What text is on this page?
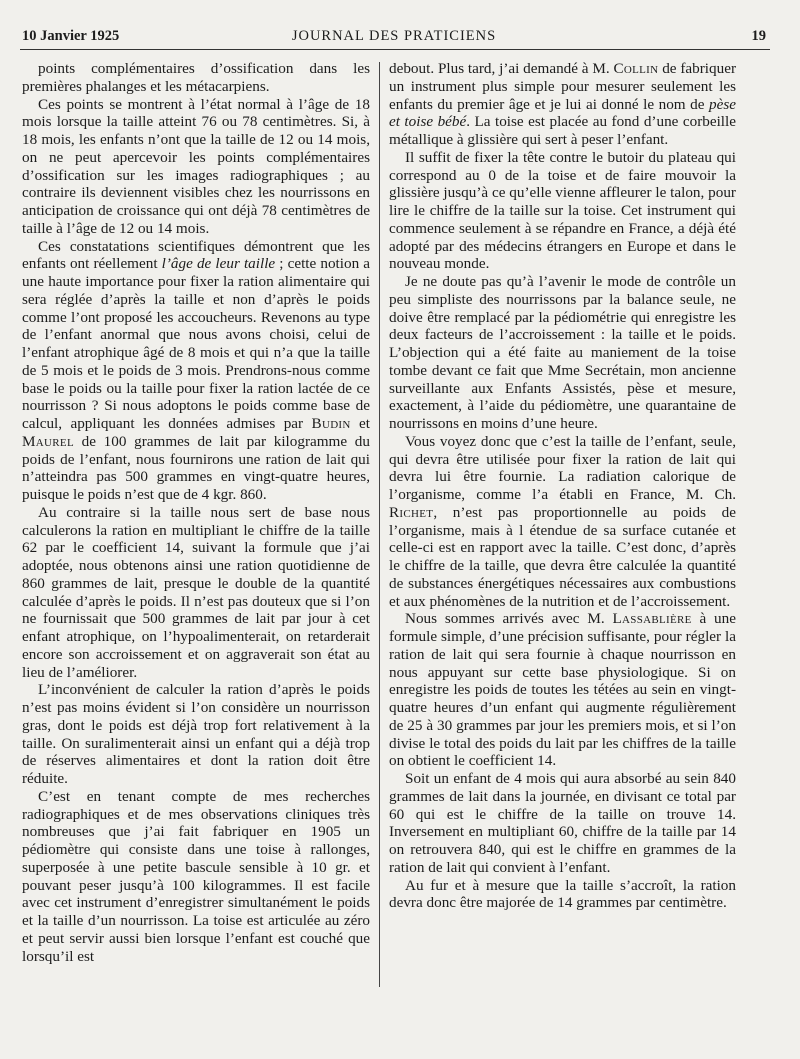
10 Janvier 1925	JOURNAL DES PRATICIENS	19

points complémentaires d’ossification dans les premières phalanges et les métacarpiens.

Ces points se montrent à l’état normal à l’âge de 18 mois lorsque la taille atteint 76 ou 78 centimètres. Si, à 18 mois, les enfants n’ont que la taille de 12 ou 14 mois, on ne peut apercevoir les points complémentaires d’ossification sur les images radiographiques ; au contraire ils deviennent visibles chez les nourrissons en anticipation de croissance qui ont déjà 78 centimètres de taille à l’âge de 12 ou 14 mois.

Ces constatations scientifiques démontrent que les enfants ont réellement l’âge de leur taille ; cette notion a une haute importance pour fixer la ration alimentaire qui sera réglée d’après la taille et non d’après le poids comme l’ont proposé les accoucheurs. Revenons au type de l’enfant anormal que nous avons choisi, celui de l’enfant atrophique âgé de 8 mois et qui n’a que la taille de 5 mois et le poids de 3 mois. Prendrons-nous comme base le poids ou la taille pour fixer la ration lactée de ce nourrisson ? Si nous adoptons le poids comme base de calcul, appliquant les données admises par Budin et Maurel de 100 grammes de lait par kilogramme du poids de l’enfant, nous fournirons une ration de lait qui n’atteindra pas 500 grammes en vingt-quatre heures, puisque le poids n’est que de 4 kgr. 860.

Au contraire si la taille nous sert de base nous calculerons la ration en multipliant le chiffre de la taille 62 par le coefficient 14, suivant la formule que j’ai adoptée, nous obtenons ainsi une ration quotidienne de 860 grammes de lait, presque le double de la quantité calculée d’après le poids. Il n’est pas douteux que si l’on ne fournissait que 500 grammes de lait par jour à cet enfant atrophique, on l’hypoalimenterait, on retarderait encore son accroissement et on aggraverait son état au lieu de l’améliorer.

L’inconvénient de calculer la ration d’après le poids n’est pas moins évident si l’on considère un nourrisson gras, dont le poids est déjà trop fort relativement à la taille. On suralimenterait ainsi un enfant qui a déjà trop de réserves alimentaires et dont la ration doit être réduite.

C’est en tenant compte de mes recherches radiographiques et de mes observations cliniques très nombreuses que j’ai fait fabriquer en 1905 un pédiomètre qui consiste dans une toise à rallonges, superposée à une petite bascule sensible à 10 gr. et pouvant peser jusqu’à 100 kilogrammes. Il est facile avec cet instrument d’enregistrer simultanément le poids et la taille d’un nourrisson. La toise est articulée au zéro et peut servir aussi bien lorsque l’enfant est couché que lorsqu’il est

debout. Plus tard, j’ai demandé à M. Collin de fabriquer un instrument plus simple pour mesurer seulement les enfants du premier âge et je lui ai donné le nom de pèse et toise bébé. La toise est placée au fond d’une corbeille métallique à glissière qui sert à peser l’enfant.

Il suffit de fixer la tête contre le butoir du plateau qui correspond au 0 de la toise et de faire mouvoir la glissière jusqu’à ce qu’elle vienne affleurer le talon, pour lire le chiffre de la taille sur la toise. Cet instrument qui commence seulement à se répandre en France, a déjà été adopté par des médecins étrangers en Europe et dans le nouveau monde.

Je ne doute pas qu’à l’avenir le mode de contrôle un peu simpliste des nourrissons par la balance seule, ne doive être remplacé par la pédiométrie qui enregistre les deux facteurs de l’accroissement : la taille et le poids. L’objection qui a été faite au maniement de la toise tombe devant ce fait que Mme Secrétain, mon ancienne surveillante aux Enfants Assistés, pèse et mesure, exactement, à l’aide du pédiomètre, une quarantaine de nourrissons en moins d’une heure.

Vous voyez donc que c’est la taille de l’enfant, seule, qui devra être utilisée pour fixer la ration de lait qui devra lui être fournie. La radiation calorique de l’organisme, comme l’a établi en France, M. Ch. Richet, n’est pas proportionnelle au poids de l’organisme, mais à l étendue de sa surface cutanée et celle-ci est en rapport avec la taille. C’est donc, d’après le chiffre de la taille, que devra être calculée la quantité de substances énergétiques nécessaires aux combustions et aux phénomènes de la nutrition et de l’accroissement.

Nous sommes arrivés avec M. Lassablière à une formule simple, d’une précision suffisante, pour régler la ration de lait qui sera fournie à chaque nourrisson en nous appuyant sur cette base physiologique. Si on enregistre les poids de toutes les tétées au sein en vingt-quatre heures d’un enfant qui augmente régulièrement de 25 à 30 grammes par jour les premiers mois, et si l’on divise le total des poids du lait par les chiffres de la taille on obtient le coefficient 14.

Soit un enfant de 4 mois qui aura absorbé au sein 840 grammes de lait dans la journée, en divisant ce total par 60 qui est le chiffre de la taille on trouve 14. Inversement en multipliant 60, chiffre de la taille par 14 on retrouvera 840, qui est le chiffre en grammes de la ration de lait qui convient à l’enfant.

Au fur et à mesure que la taille s’accroît, la ration devra donc être majorée de 14 grammes par centimètre.
